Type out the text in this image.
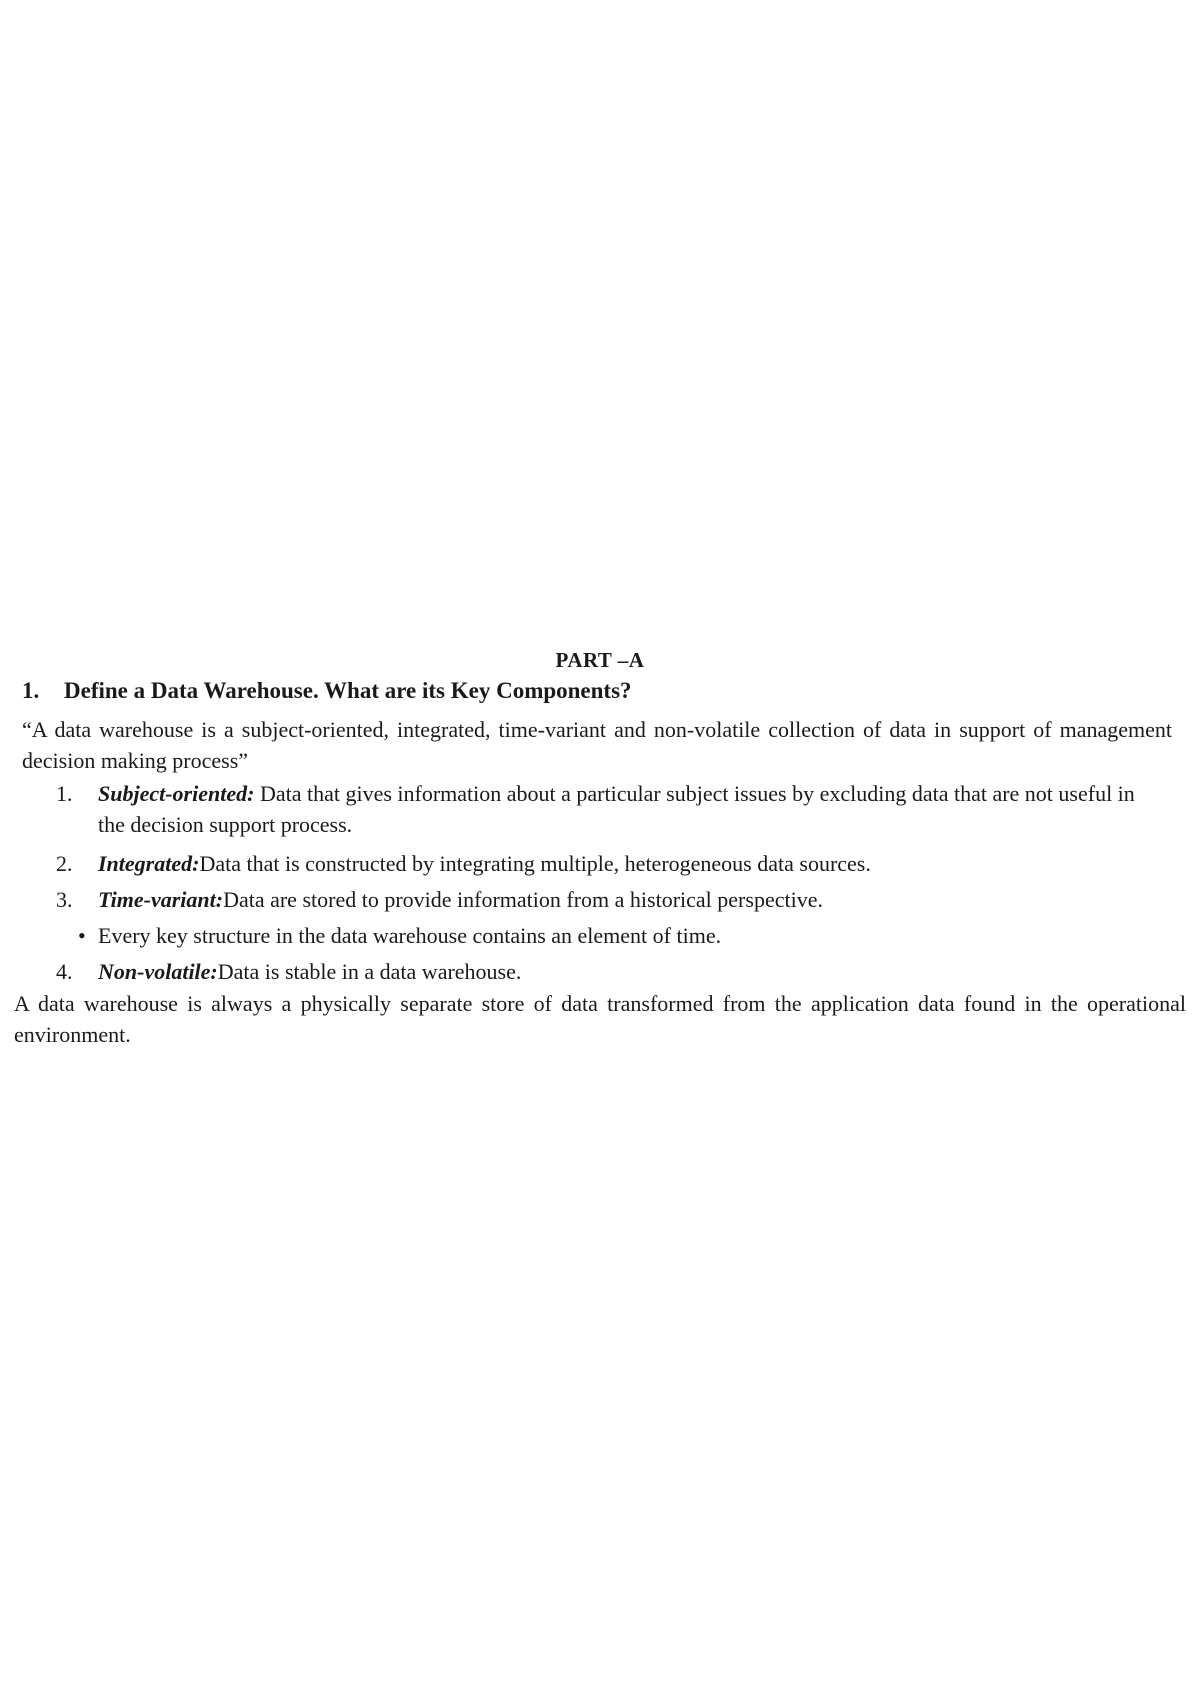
PART –A
1. Define a Data Warehouse. What are its Key Components?
“A data warehouse is a subject-oriented, integrated, time-variant and non-volatile collection of data in support of management decision making process”
1.	Subject-oriented: Data that gives information about a particular subject issues by excluding data that are not useful in the decision support process.
2.	Integrated:Data that is constructed by integrating multiple, heterogeneous data sources.
3.	Time-variant:Data are stored to provide information from a historical perspective.
• Every key structure in the data warehouse contains an element of time.
4.	Non-volatile:Data is stable in a data warehouse.
A data warehouse is always a physically separate store of data transformed from the application data found in the operational environment.
